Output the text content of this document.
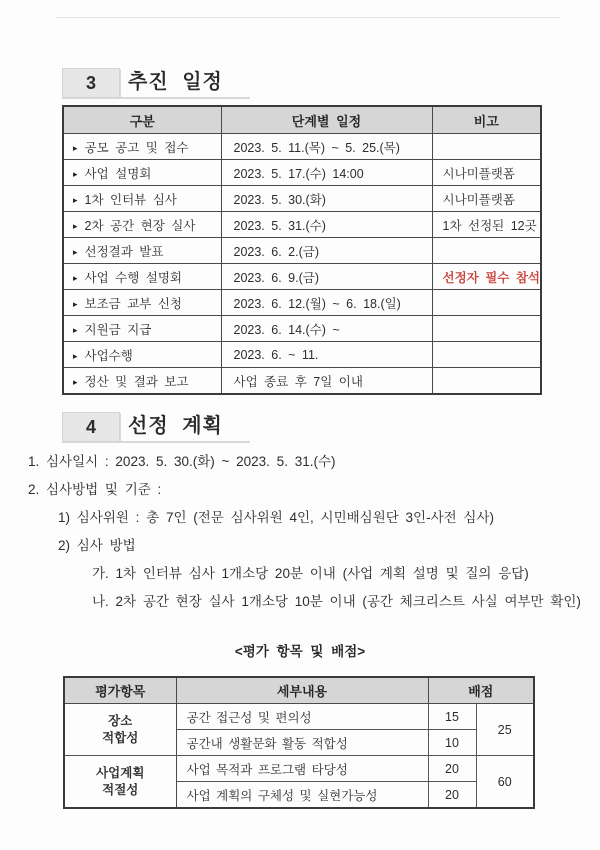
3	추진 일정
구분	단계별 일정	비고
▸ 공모 공고 및 접수	2023. 5. 11.(목) ~ 5. 25.(목)	
▸ 사업 설명회	2023. 5. 17.(수) 14:00	시나미플랫폼
▸ 1차 인터뷰 심사	2023. 5. 30.(화)	시나미플랫폼
▸ 2차 공간 현장 실사	2023. 5. 31.(수)	1차 선정된 12곳
▸ 선정결과 발표	2023. 6. 2.(금)	
▸ 사업 수행 설명회	2023. 6. 9.(금)	선정자 필수 참석
▸ 보조금 교부 신청	2023. 6. 12.(월) ~ 6. 18.(일)	
▸ 지원금 지급	2023. 6. 14.(수) ~	
▸ 사업수행	2023. 6. ~ 11.	
▸ 정산 및 결과 보고	사업 종료 후 7일 이내	
4	선정 계획
1. 심사일시 : 2023. 5. 30.(화) ~ 2023. 5. 31.(수)
2. 심사방법 및 기준 :
1) 심사위원 : 총 7인 (전문 심사위원 4인, 시민배심원단 3인-사전 심사)
2) 심사 방법
가. 1차 인터뷰 심사 1개소당 20분 이내 (사업 계획 설명 및 질의 응답)
나. 2차 공간 현장 실사 1개소당 10분 이내 (공간 체크리스트 사실 여부만 확인)
<평가 항목 및 배점>
평가항목	세부내용	배점	

장소
적합성	공간 접근성 및 편의성	15	25
	공간내 생활문화 활동 적합성	10	

사업계획
적절성	사업 목적과 프로그램 타당성	20	60
	사업 계획의 구체성 및 실현가능성	20	
